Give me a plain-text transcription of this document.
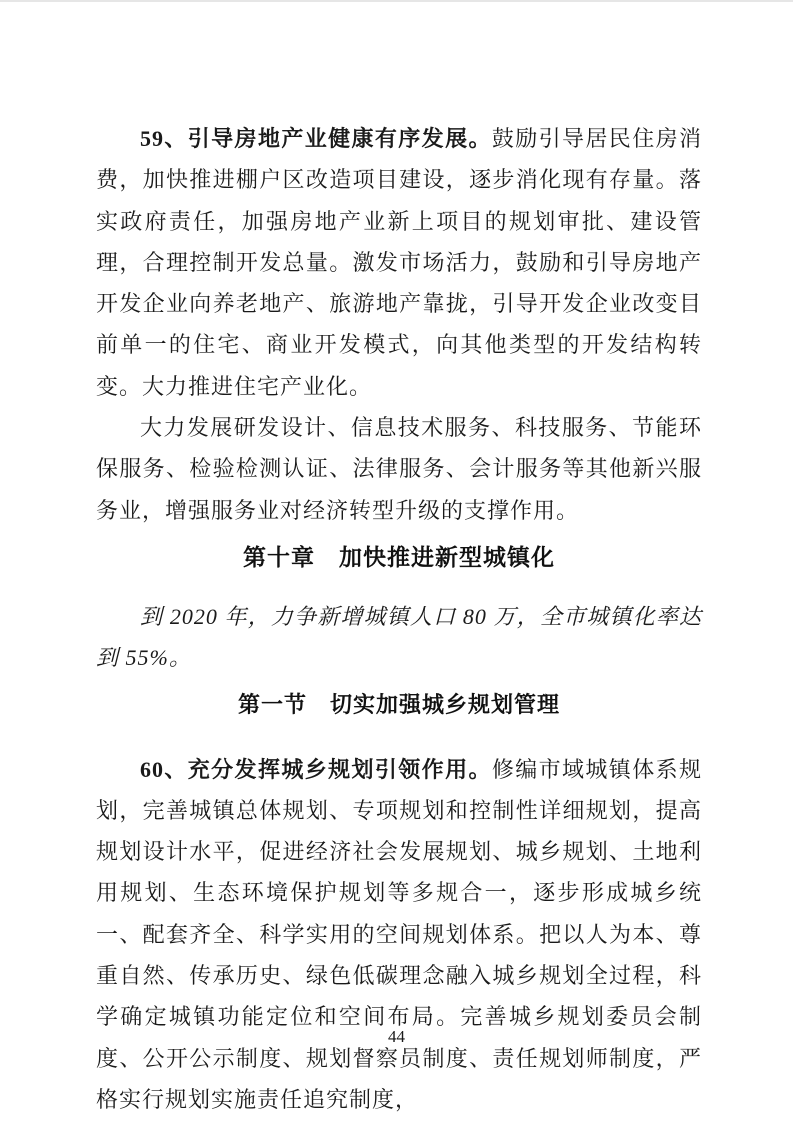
59、引导房地产业健康有序发展。鼓励引导居民住房消费，加快推进棚户区改造项目建设，逐步消化现有存量。落实政府责任，加强房地产业新上项目的规划审批、建设管理，合理控制开发总量。激发市场活力，鼓励和引导房地产开发企业向养老地产、旅游地产靠拢，引导开发企业改变目前单一的住宅、商业开发模式，向其他类型的开发结构转变。大力推进住宅产业化。

大力发展研发设计、信息技术服务、科技服务、节能环保服务、检验检测认证、法律服务、会计服务等其他新兴服务业，增强服务业对经济转型升级的支撑作用。

第十章　加快推进新型城镇化

到 2020 年，力争新增城镇人口 80 万，全市城镇化率达到 55%。

第一节　切实加强城乡规划管理

60、充分发挥城乡规划引领作用。修编市域城镇体系规划，完善城镇总体规划、专项规划和控制性详细规划，提高规划设计水平，促进经济社会发展规划、城乡规划、土地利用规划、生态环境保护规划等多规合一，逐步形成城乡统一、配套齐全、科学实用的空间规划体系。把以人为本、尊重自然、传承历史、绿色低碳理念融入城乡规划全过程，科学确定城镇功能定位和空间布局。完善城乡规划委员会制度、公开公示制度、规划督察员制度、责任规划师制度，严格实行规划实施责任追究制度，

44
